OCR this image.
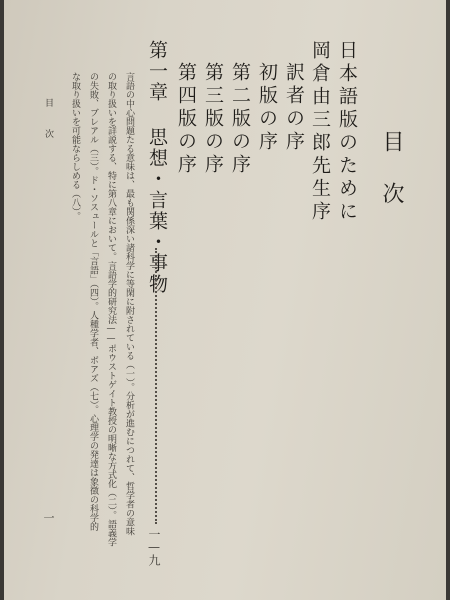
目次
日本語版のために
岡倉由三郎先生序
訳者の序
初版の序
第二版の序
第三版の序
第四版の序
第一章 思想・言葉・事物
一—九
言語の中心問題たる意味は、最も関係深い諸科学に等閑に附されている（一）。分析が進むにつれて、哲学者の意味
の取り扱いを詳説する、特に第八章において。言語学的研究法——ポウストゲイト教授の明晰な方式化（二）。語義学
の失敗、ブレアル（三）。ド・ソスュールと「言語」（四）。人種学者、ボアズ（七）。心理学の発達は象徴の科学的
な取り扱いを可能ならしめる（八）。
目次
一
